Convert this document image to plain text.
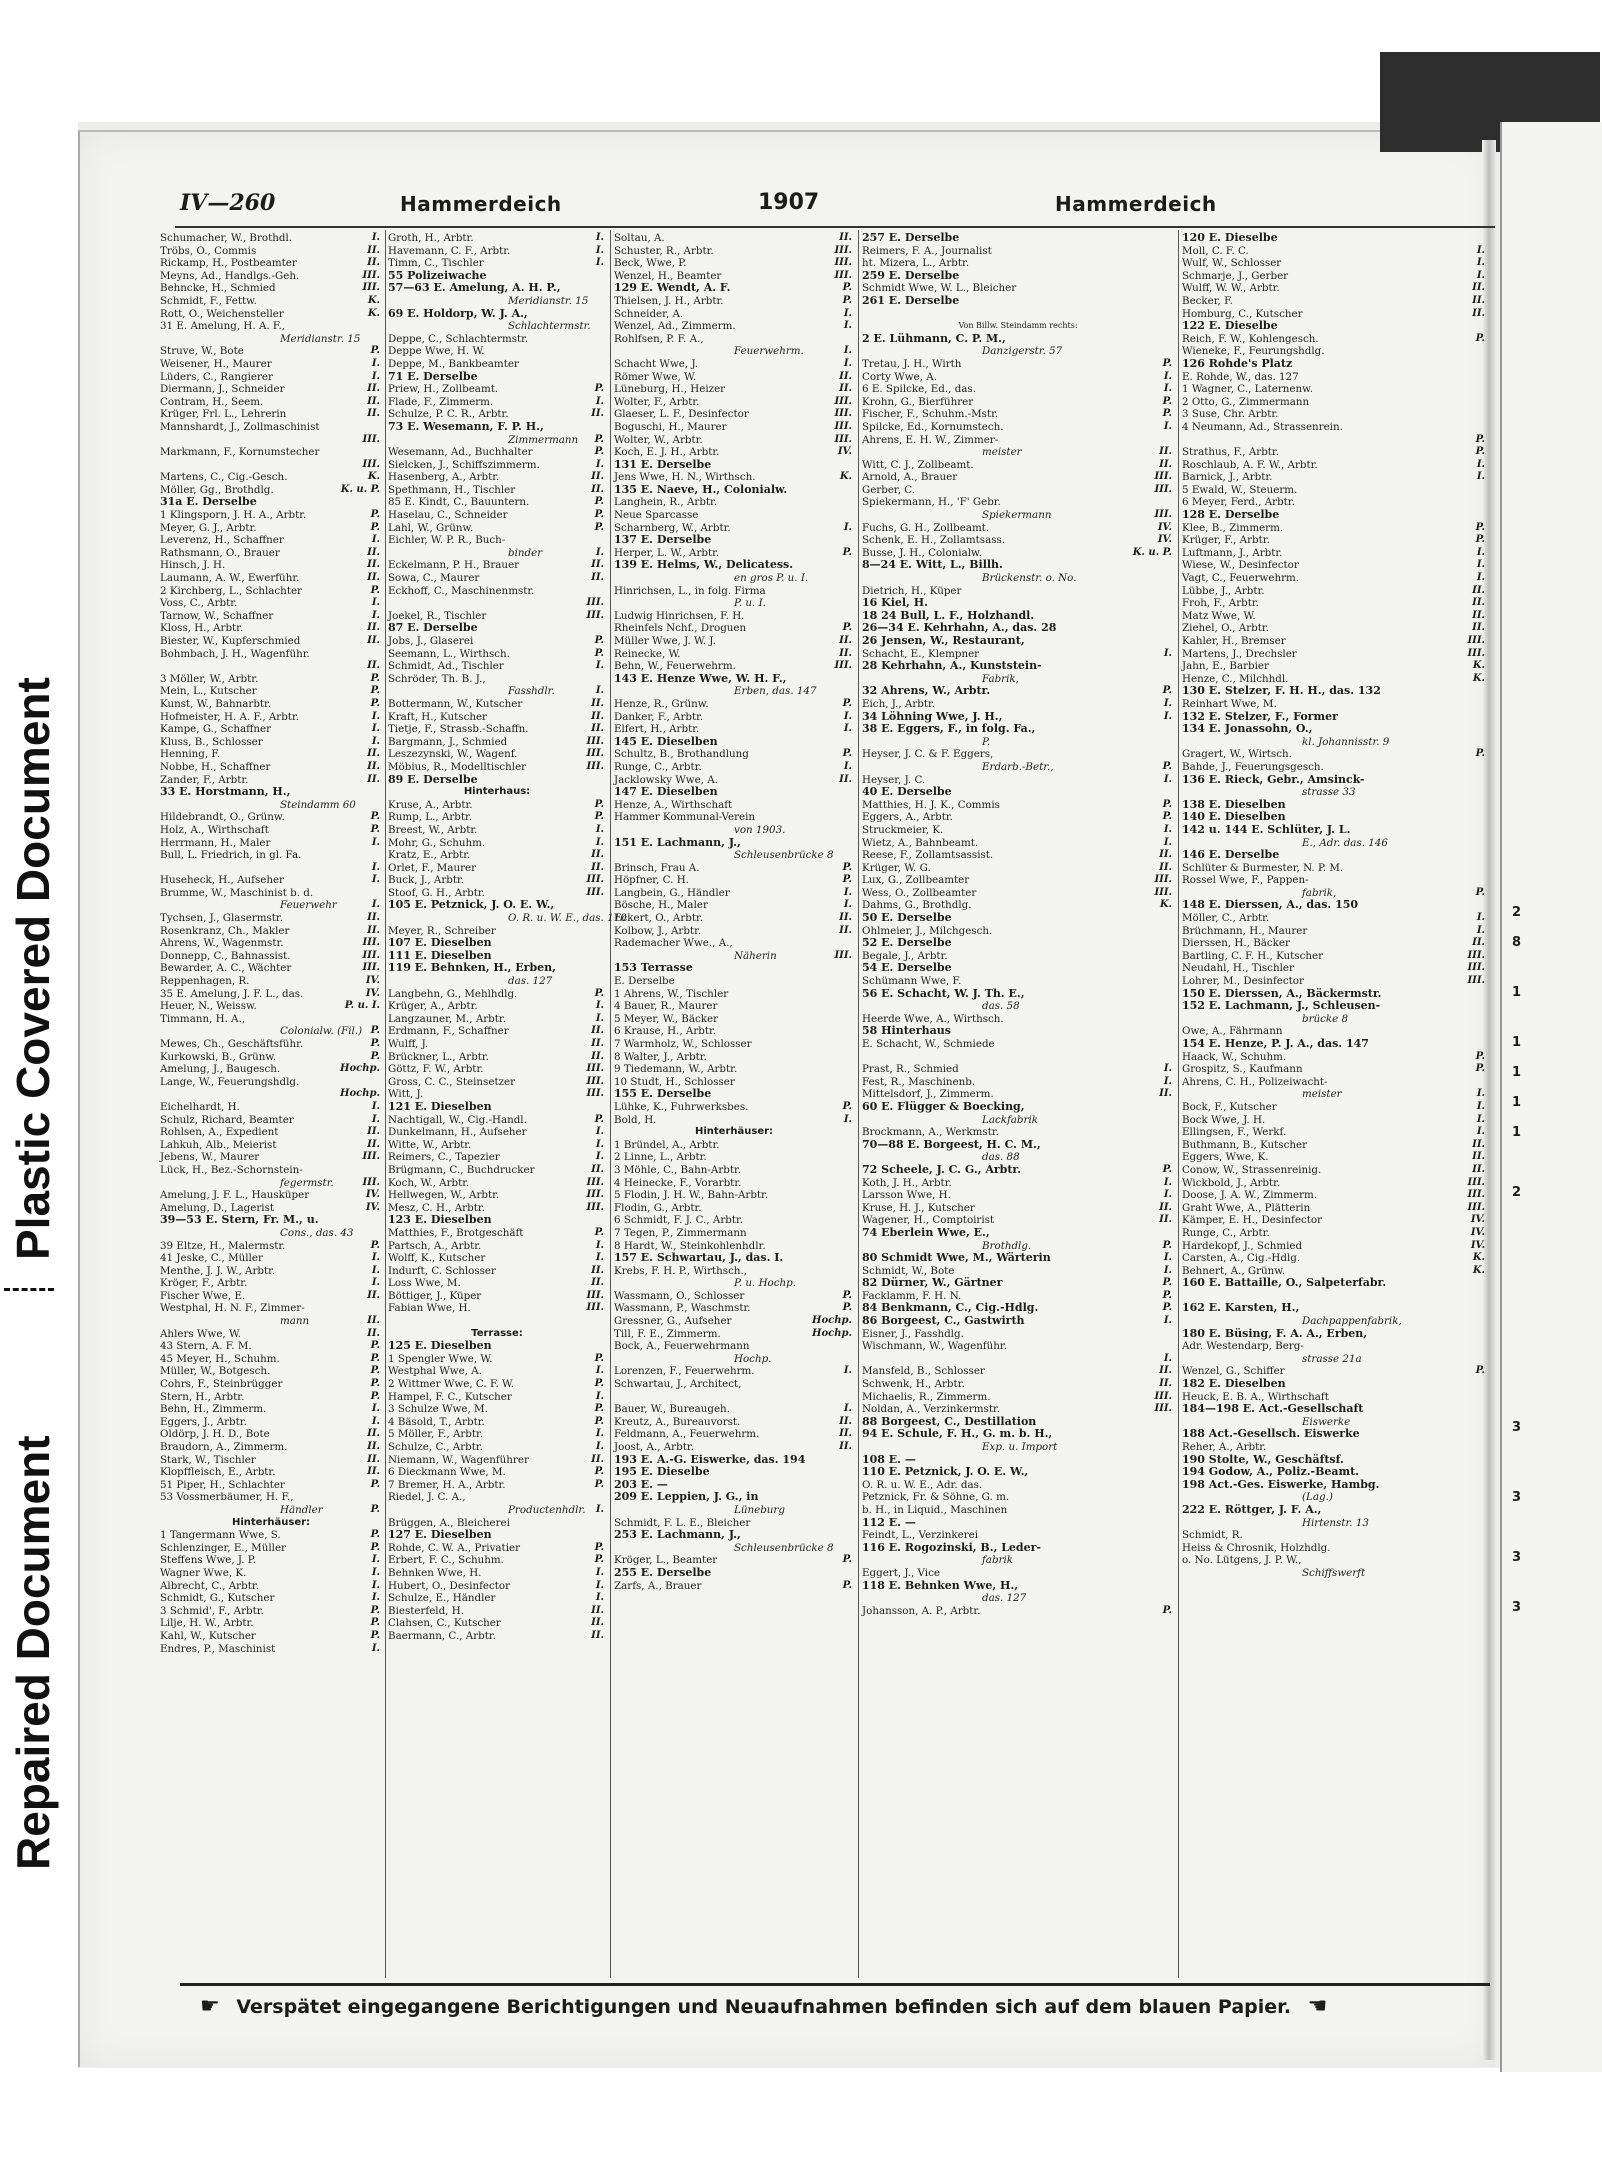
2
8
1
1
1
1
1
2
3
3
3
3
Plastic Covered Document
Repaired Document
IV—260	Hammerdeich	1907	Hammerdeich
Schumacher, W., Brothdl.	I.
Tröbs, O., Commis	II.
Rickamp, H., Postbeamter	II.
Meyns, Ad., Handlgs.-Geh.	III.
Behncke, H., Schmied	III.
Schmidt, F., Fettw.	K.
Rott, O., Weichensteller	K.
31 E. Amelung, H. A. F.,
Meridianstr. 15
Struve, W., Bote	P.
Weisener, H., Maurer	I.
Lüders, C., Rangierer	I.
Diermann, J., Schneider	II.
Contram, H., Seem.	II.
Krüger, Frl. L., Lehrerin	II.
Mannshardt, J., Zollmaschinist
III.
Markmann, F., Kornumstecher
III.
Martens, C., Cig.-Gesch.	K.
Möller, Gg., Brothdlg.	K. u. P.
31a E. Derselbe
1 Klingsporn, J. H. A., Arbtr.	P.
Meyer, G. J., Arbtr.	P.
Leverenz, H., Schaffner	I.
Rathsmann, O., Brauer	II.
Hinsch, J. H.	II.
Laumann, A. W., Ewerführ.	II.
2 Kirchberg, L., Schlachter	P.
Voss, C., Arbtr.	I.
Tarnow, W., Schaffner	I.
Kloss, H., Arbtr.	II.
Biester, W., Kupferschmied	II.
Bohmbach, J. H., Wagenführ.
II.
3 Möller, W., Arbtr.	P.
Mein, L., Kutscher	P.
Kunst, W., Bahnarbtr.	P.
Hofmeister, H. A. F., Arbtr.	I.
Kampe, G., Schaffner	I.
Kluss, B., Schlosser	I.
Henning, F.	II.
Nobbe, H., Schaffner	II.
Zander, F., Arbtr.	II.
33 E. Horstmann, H.,
Steindamm 60
Hildebrandt, O., Grünw.	P.
Holz, A., Wirthschaft	P.
Herrmann, H., Maler	I.
Bull, L. Friedrich, in gl. Fa.
I.
Huseheck, H., Aufseher	I.
Brumme, W., Maschinist b. d.
Feuerwehr	I.
Tychsen, J., Glasermstr.	II.
Rosenkranz, Ch., Makler	II.
Ahrens, W., Wagenmstr.	III.
Donnepp, C., Bahnassist.	III.
Bewarder, A. C., Wächter	III.
Reppenhagen, R.	IV.
35 E. Amelung, J. F. L., das.	IV.
Heuer, N., Weissw.	P. u. I.
Timmann, H. A.,
Colonialw. (Fil.) P.
Mewes, Ch., Geschäftsführ.	P.
Kurkowski, B., Grünw.	P.
Amelung, J., Baugesch.	Hochp.
Lange, W., Feuerungshdlg.
Hochp.
Eichelhardt, H.	I.
Schulz, Richard, Beamter	I.
Rohlsen, A., Expedient	II.
Lahkuh, Alb., Meierist	II.
Jebens, W., Maurer	III.
Lück, H., Bez.-Schornstein-
fegermstr.	III.
Amelung, J. F. L., Hausküper	IV.
Amelung, D., Lagerist	IV.
39—53 E. Stern, Fr. M., u.
Cons., das. 43
39 Eltze, H., Malermstr.	P.
41 Jeske, C., Müller	I.
Menthe, J. J. W., Arbtr.	I.
Kröger, F., Arbtr.	I.
Fischer Wwe, E.	II.
Westphal, H. N. F., Zimmer-
mann	II.
Ahlers Wwe, W.	II.
43 Stern, A. F. M.	P.
45 Meyer, H., Schuhm.	P.
Müller, W., Botgesch.	P.
Cohrs, F., Steinbrügger	P.
Stern, H., Arbtr.	P.
Behn, H., Zimmerm.	I.
Eggers, J., Arbtr.	I.
Oldörp, J. H. D., Bote	II.
Braudorn, A., Zimmerm.	II.
Stark, W., Tischler	II.
Klopffleisch, E., Arbtr.	II.
51 Piper, H., Schlachter	P.
53 Vossmerbäumer, H. F.,
Händler	P.
Hinterhäuser:
1 Tangermann Wwe, S.	P.
Schlenzinger, E., Müller	P.
Steffens Wwe, J. P.	I.
Wagner Wwe, K.	I.
Albrecht, C., Arbtr.	I.
Schmidt, G., Kutscher	I.
3 Schmid', F., Arbtr.	P.
Lilje, H. W., Arbtr.	P.
Kahl, W., Kutscher	P.
Endres, P., Maschinist	I.
Groth, H., Arbtr.	I.
Havemann, C. F., Arbtr.	I.
Timm, C., Tischler	I.
55 Polizeiwache
57—63 E. Amelung, A. H. P.,
Meridianstr. 15
69 E. Holdorp, W. J. A.,
Schlachtermstr.
Deppe, C., Schlachtermstr.
Deppe Wwe, H. W.
Deppe, M., Bankbeamter
71 E. Derselbe
Priew, H., Zollbeamt.	P.
Flade, F., Zimmerm.	I.
Schulze, P. C. R., Arbtr.	II.
73 E. Wesemann, F. P. H.,
Zimmermann P.
Wesemann, Ad., Buchhalter	P.
Sielcken, J., Schiffszimmerm.	I.
Hasenberg, A., Arbtr.	II.
Spethmann, H., Tischler	II.
85 E. Kindt, C., Bauuntern.	P.
Haselau, C., Schneider	P.
Lahl, W., Grünw.	P.
Eichler, W. P. R., Buch-
binder	I.
Eckelmann, P. H., Brauer	II.
Sowa, C., Maurer	II.
Eckhoff, C., Maschinenmstr.
III.
Joekel, R., Tischler	III.
87 E. Derselbe
Jobs, J., Glaserei	P.
Seemann, L., Wirthsch.	P.
Schmidt, Ad., Tischler	I.
Schröder, Th. B. J.,
Fasshdlr.	I.
Bottermann, W., Kutscher	II.
Kraft, H., Kutscher	II.
Tietje, F., Strassb.-Schaffn.	II.
Bargmann, J., Schmied	III.
Leszezynski, W., Wagenf.	III.
Möbius, R., Modelltischler	III.
89 E. Derselbe
Hinterhaus:
Kruse, A., Arbtr.	P.
Rump, L., Arbtr.	P.
Breest, W., Arbtr.	I.
Mohr, G., Schuhm.	I.
Kratz, E., Arbtr.	II.
Orlet, F., Maurer	II.
Buck, J., Arbtr.	III.
Stoof, G. H., Arbtr.	III.
105 E. Petznick, J. O. E. W.,
O. R. u. W. E., das. 110
Meyer, R., Schreiber
107 E. Dieselben
111 E. Dieselben
119 E. Behnken, H., Erben,
das. 127
Langbehn, G., Mehlhdlg.	P.
Krüger, A., Arbtr.	I.
Langzauner, M., Arbtr.	I.
Erdmann, F., Schaffner	II.
Wulff, J.	II.
Brückner, L., Arbtr.	II.
Göttz, F. W., Arbtr.	III.
Gross, C. C., Steinsetzer	III.
Witt, J.	III.
121 E. Dieselben
Nachtigall, W., Cig.-Handl.	P.
Dunkelmann, H., Aufseher	I.
Witte, W., Arbtr.	I.
Reimers, C., Tapezier	I.
Brügmann, C., Buchdrucker	II.
Koch, W., Arbtr.	III.
Hellwegen, W., Arbtr.	III.
Mesz, C. H., Arbtr.	III.
123 E. Dieselben
Matthies, F., Brotgeschäft	P.
Partsch, A., Arbtr.	I.
Wolff, K., Kutscher	I.
Indurft, C. Schlosser	II.
Loss Wwe, M.	II.
Böttiger, J., Küper	III.
Fabian Wwe, H.	III.
Terrasse:
125 E. Dieselben
1 Spengler Wwe, W.	P.
Westphal Wwe, A.	I.
2 Wittmer Wwe, C. F. W.	P.
Hampel, F. C., Kutscher	I.
3 Schulze Wwe, M.	P.
4 Bäsold, T., Arbtr.	P.
5 Möller, F., Arbtr.	I.
Schulze, C., Arbtr.	I.
Niemann, W., Wagenführer	II.
6 Dieckmann Wwe, M.	P.
7 Bremer, H. A., Arbtr.	P.
Riedel, J. C. A.,
Productenhdlr. I.
Brüggen, A., Bleicherei
127 E. Dieselben
Rohde, C. W. A., Privatier	P.
Erbert, F. C., Schuhm.	P.
Behnken Wwe, H.	I.
Hubert, O., Desinfector	I.
Schulze, E., Händler	I.
Biesterfeld, H.	II.
Clahsen, C., Kutscher	II.
Baermann, C., Arbtr.	II.
Soltau, A.	II.
Schuster, R., Arbtr.	III.
Beck, Wwe, P.	III.
Wenzel, H., Beamter	III.
129 E. Wendt, A. F.	P.
Thielsen, J. H., Arbtr.	P.
Schneider, A.	I.
Wenzel, Ad., Zimmerm.	I.
Rohlfsen, P. F. A.,
Feuerwehrm.	I.
Schacht Wwe, J.	I.
Römer Wwe, W.	II.
Lüneburg, H., Heizer	II.
Wolter, F., Arbtr.	III.
Glaeser, L. F., Desinfector	III.
Boguschi, H., Maurer	III.
Wolter, W., Arbtr.	III.
Koch, E. J. H., Arbtr.	IV.
131 E. Derselbe
Jens Wwe, H. N., Wirthsch.	K.
135 E. Naeve, H., Colonialw.
Langhein, R., Arbtr.
Neue Sparcasse
Scharnberg, W., Arbtr.	I.
137 E. Derselbe
Herper, L. W., Arbtr.	P.
139 E. Helms, W., Delicatess.
en gros P. u. I.
Hinrichsen, L., in folg. Firma
P. u. I.
Ludwig Hinrichsen, F. H.
Rheinfels Nchf., Droguen	P.
Müller Wwe, J. W. J.	II.
Reinecke, W.	II.
Behn, W., Feuerwehrm.	III.
143 E. Henze Wwe, W. H. F.,
Erben, das. 147
Henze, R., Grünw.	P.
Danker, F., Arbtr.	I.
Elfert, H., Arbtr.	I.
145 E. Dieselben
Schultz, B., Brothandlung	P.
Runge, C., Arbtr.	I.
Jacklowsky Wwe, A.	II.
147 E. Dieselben
Henze, A., Wirthschaft
Hammer Kommunal-Verein
von 1903.
151 E. Lachmann, J.,
Schleusenbrücke 8
Brinsch, Frau A.	P.
Höpfner, C. H.	P.
Langbein, G., Händler	I.
Bösche, H., Maler	I.
Eckert, O., Arbtr.	II.
Kolbow, J., Arbtr.	II.
Rademacher Wwe., A.,
Näherin	III.
153 Terrasse
E. Derselbe
1 Ahrens, W., Tischler
4 Bauer, R., Maurer
5 Meyer, W., Bäcker
6 Krause, H., Arbtr.
7 Warmholz, W., Schlosser
8 Walter, J., Arbtr.
9 Tiedemann, W., Arbtr.
10 Studt, H., Schlosser
155 E. Derselbe
Lühke, K., Fuhrwerksbes.	P.
Bold, H.	I.
Hinterhäuser:
1 Bründel, A., Arbtr.
2 Linne, L., Arbtr.
3 Möhle, C., Bahn-Arbtr.
4 Heinecke, F., Vorarbtr.
5 Flodin, J. H. W., Bahn-Arbtr.
Flodin, G., Arbtr.
6 Schmidt, F. J. C., Arbtr.
7 Tegen, P., Zimmermann
8 Hardt, W., Steinkohlenhdlr.
157 E. Schwartau, J., das. I.
Krebs, F. H. P., Wirthsch.,
P. u. Hochp.
Wassmann, O., Schlosser	P.
Wassmann, P., Waschmstr.	P.
Gressner, G., Aufseher	Hochp.
Till, F. E., Zimmerm.	Hochp.
Bock, A., Feuerwehrmann
Hochp.
Lorenzen, F., Feuerwehrm.	I.
Schwartau, J., Architect,
Bauer, W., Bureaugeh.	I.
Kreutz, A., Bureauvorst.	II.
Feldmann, A., Feuerwehrm.	II.
Joost, A., Arbtr.	II.
193 E. A.-G. Eiswerke, das. 194
195 E. Dieselbe
203 E. —
209 E. Leppien, J. G., in
Lüneburg
Schmidt, F. L. E., Bleicher
253 E. Lachmann, J.,
Schleusenbrücke 8
Kröger, L., Beamter	P.
255 E. Derselbe
Zarfs, A., Brauer	P.
257 E. Derselbe
Reimers, F. A., Journalist
ht. Mizera, L., Arbtr.
259 E. Derselbe
Schmidt Wwe, W. L., Bleicher
261 E. Derselbe
Von Billw. Steindamm rechts:
2 E. Lühmann, C. P. M.,
Danzigerstr. 57
Tretau, J. H., Wirth	P.
Corty Wwe, A.	I.
6 E. Spilcke, Ed., das.	I.
Krohn, G., Bierführer	P.
Fischer, F., Schuhm.-Mstr.	P.
Spilcke, Ed., Kornumstech.	I.
Ahrens, E. H. W., Zimmer-
meister	II.
Witt, C. J., Zollbeamt.	II.
Arnold, A., Brauer	III.
Gerber, C.	III.
Spiekermann, H., 'F' Gebr.
Spiekermann	III.
Fuchs, G. H., Zollbeamt.	IV.
Schenk, E. H., Zollamtsass.	IV.
Busse, J. H., Colonialw.	K. u. P.
8—24 E. Witt, L., Billh.
Brückenstr. o. No.
Dietrich, H., Küper
16 Kiel, H.
18 24 Bull, L. F., Holzhandl.
26—34 E. Kehrhahn, A., das. 28
26 Jensen, W., Restaurant,
Schacht, E., Klempner	I.
28 Kehrhahn, A., Kunststein-
Fabrik,
32 Ahrens, W., Arbtr.	P.
Eich, J., Arbtr.	I.
34 Löhning Wwe, J. H.,	I.
38 E. Eggers, F., in folg. Fa.,
P.
Heyser, J. C. & F. Eggers,
Erdarb.-Betr.,	P.
Heyser, J. C.	I.
40 E. Derselbe
Matthies, H. J. K., Commis	P.
Eggers, A., Arbtr.	P.
Struckmeier, K.	I.
Wietz, A., Bahnbeamt.	I.
Reese, F., Zollamtsassist.	II.
Krüger, W. G.	II.
Lux, G., Zollbeamter	III.
Wess, O., Zollbeamter	III.
Dahms, G., Brothdlg.	K.
50 E. Derselbe
Ohlmeier, J., Milchgesch.
52 E. Derselbe
Begale, J., Arbtr.
54 E. Derselbe
Schümann Wwe, F.
56 E. Schacht, W. J. Th. E.,
das. 58
Heerde Wwe, A., Wirthsch.
58 Hinterhaus
E. Schacht, W., Schmiede
Prast, R., Schmied	I.
Fest, R., Maschinenb.	I.
Mittelsdorf, J., Zimmerm.	II.
60 E. Flügger & Boecking,
Lackfabrik
Brockmann, A., Werkmstr.
70—88 E. Borgeest, H. C. M.,
das. 88
72 Scheele, J. C. G., Arbtr.	P.
Koth, J. H., Arbtr.	I.
Larsson Wwe, H.	I.
Kruse, H. J., Kutscher	II.
Wagener, H., Comptoirist	II.
74 Eberlein Wwe, E.,
Brothdlg.	P.
80 Schmidt Wwe, M., Wärterin	I.
Schmidt, W., Bote	I.
82 Dürner, W., Gärtner	P.
Facklamm, F. H. N.	P.
84 Benkmann, C., Cig.-Hdlg.	P.
86 Borgeest, C., Gastwirth	I.
Eisner, J., Fasshdlg.
Wischmann, W., Wagenführ.
I.
Mansfeld, B., Schlosser	II.
Schwenk, H., Arbtr.	II.
Michaelis, R., Zimmerm.	III.
Noldan, A., Verzinkermstr.	III.
88 Borgeest, C., Destillation
94 E. Schule, F. H., G. m. b. H.,
Exp. u. Import
108 E. —
110 E. Petznick, J. O. E. W.,
O. R. u. W. E., Adr. das.
Petznick, Fr. & Söhne, G. m.
b. H., in Liquid., Maschinen
112 E. —
Feindt, L., Verzinkerei
116 E. Rogozinski, B., Leder-
fabrik
Eggert, J., Vice
118 E. Behnken Wwe, H.,
das. 127
Johansson, A. P., Arbtr.	P.
120 E. Dieselbe
Moll, C. F. C.	I.
Wulf, W., Schlosser	I.
Schmarje, J., Gerber	I.
Wulff, W. W., Arbtr.	II.
Becker, F.	II.
Homburg, C., Kutscher	II.
122 E. Dieselbe
Reich, F. W., Kohlengesch.	P.
Wieneke, F., Feurungshdlg.
126 Rohde's Platz
E. Rohde, W., das. 127
1 Wagner, C., Laternenw.
2 Otto, G., Zimmermann
3 Suse, Chr. Arbtr.
4 Neumann, Ad., Strassenrein.
P.
Strathus, F., Arbtr.	P.
Roschlaub, A. F. W., Arbtr.	I.
Barnick, J., Arbtr.	I.
5 Ewald, W., Steuerm.
6 Meyer, Ferd., Arbtr.
128 E. Derselbe
Klee, B., Zimmerm.	P.
Krüger, F., Arbtr.	P.
Luftmann, J., Arbtr.	I.
Wiese, W., Desinfector	I.
Vagt, C., Feuerwehrm.	I.
Lübbe, J., Arbtr.	II.
Froh, F., Arbtr.	II.
Matz Wwe, W.	II.
Ziehel, O., Arbtr.	II.
Kahler, H., Bremser	III.
Martens, J., Drechsler	III.
Jahn, E., Barbier	K.
Henze, C., Milchhdl.	K.
130 E. Stelzer, F. H. H., das. 132
Reinhart Wwe, M.
132 E. Stelzer, F., Former
134 E. Jonassohn, O.,
kl. Johannisstr. 9
Gragert, W., Wirtsch.	P.
Bahde, J., Feuerungsgesch.
136 E. Rieck, Gebr., Amsinck-
strasse 33
138 E. Dieselben
140 E. Dieselben
142 u. 144 E. Schlüter, J. L.
E., Adr. das. 146
146 E. Derselbe
Schlüter & Burmester, N. P. M.
Rossel Wwe, F., Pappen-
fabrik,	P.
148 E. Dierssen, A., das. 150
Möller, C., Arbtr.	I.
Brüchmann, H., Maurer	I.
Dierssen, H., Bäcker	II.
Bartling, C. F. H., Kutscher	III.
Neudahl, H., Tischler	III.
Lohrer, M., Desinfector	III.
150 E. Dierssen, A., Bäckermstr.
152 E. Lachmann, J., Schleusen-
brücke 8
Owe, A., Fährmann
154 E. Henze, P. J. A., das. 147
Haack, W., Schuhm.	P.
Grospitz, S., Kaufmann	P.
Ahrens, C. H., Polizeiwacht-
meister	I.
Bock, F., Kutscher	I.
Bock Wwe, J. H.	I.
Ellingsen, F., Werkf.	I.
Buthmann, B., Kutscher	II.
Eggers, Wwe, K.	II.
Conow, W., Strassenreinig.	II.
Wickbold, J., Arbtr.	III.
Doose, J. A. W., Zimmerm.	III.
Graht Wwe, A., Plätterin	III.
Kämper, E. H., Desinfector	IV.
Runge, C., Arbtr.	IV.
Hardekopf, J., Schmied	IV.
Carsten, A., Cig.-Hdlg.	K.
Behnert, A., Grünw.	K.
160 E. Battaille, O., Salpeterfabr.
162 E. Karsten, H.,
Dachpappenfabrik,
180 E. Büsing, F. A. A., Erben,
Adr. Westendarp, Berg-
strasse 21a
Wenzel, G., Schiffer	P.
182 E. Dieselben
Heuck, E. B. A., Wirthschaft
184—198 E. Act.-Gesellschaft
Eiswerke
188 Act.-Gesellsch. Eiswerke
Reher, A., Arbtr.
190 Stolte, W., Geschäftsf.
194 Godow, A., Poliz.-Beamt.
198 Act.-Ges. Eiswerke, Hambg.
(Lag.)
222 E. Röttger, J. F. A.,
Hirtenstr. 13
Schmidt, R.
Heiss & Chrosnik, Holzhdlg.
o. No. Lütgens, J. P. W.,
Schiffswerft
☛ Verspätet eingegangene Berichtigungen und Neuaufnahmen befinden sich auf dem blauen Papier. ☚
